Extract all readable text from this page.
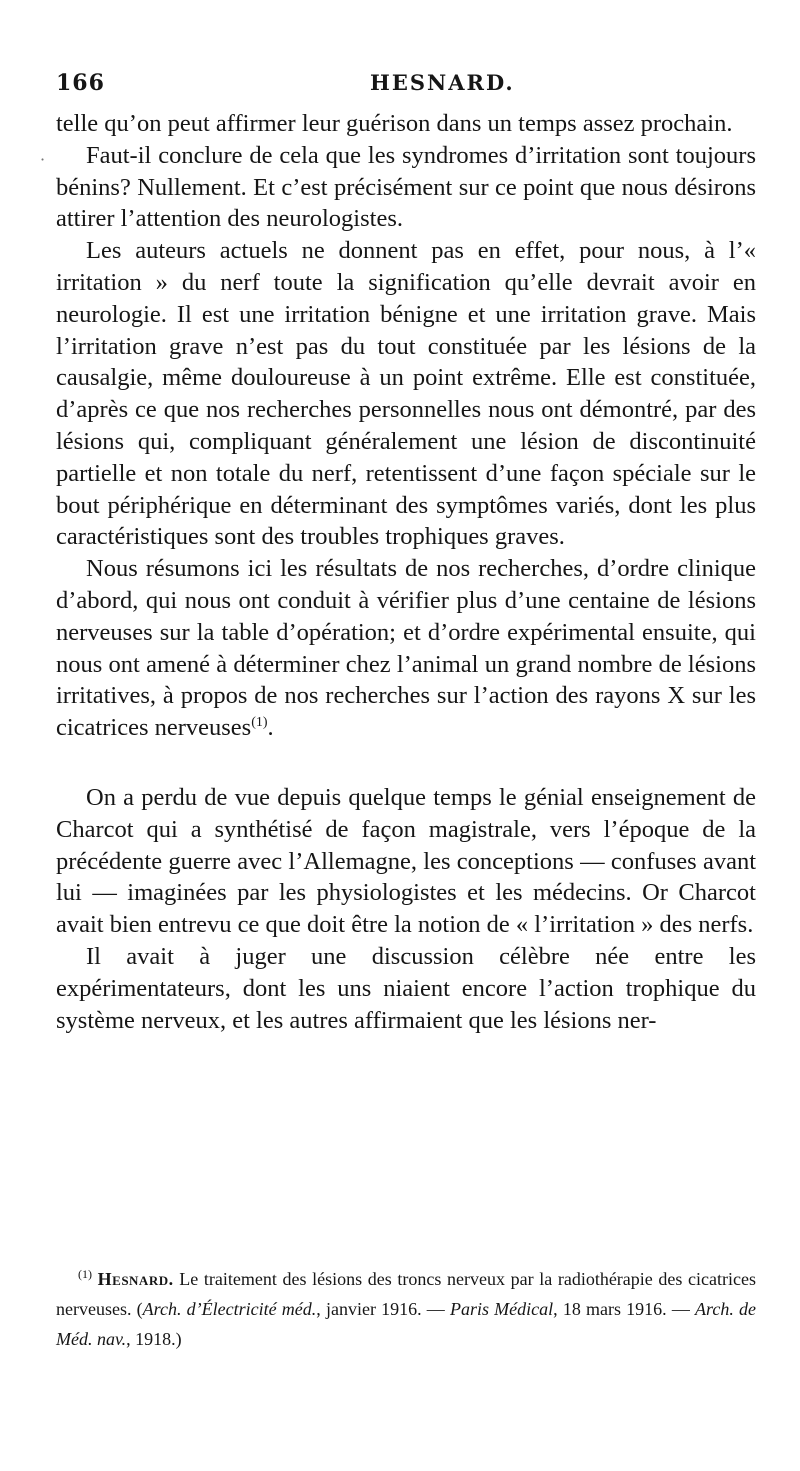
166	HESNARD.
·

telle qu’on peut affirmer leur guérison dans un temps assez prochain.

Faut-il conclure de cela que les syndromes d’irritation sont toujours bénins? Nullement. Et c’est précisément sur ce point que nous désirons attirer l’attention des neurologistes.

Les auteurs actuels ne donnent pas en effet, pour nous, à l’« irritation » du nerf toute la signification qu’elle devrait avoir en neurologie. Il est une irritation bénigne et une irritation grave. Mais l’irritation grave n’est pas du tout constituée par les lésions de la causalgie, même douloureuse à un point extrême. Elle est constituée, d’après ce que nos recherches personnelles nous ont démontré, par des lésions qui, compliquant généralement une lésion de discontinuité partielle et non totale du nerf, retentissent d’une façon spéciale sur le bout périphérique en déterminant des symptômes variés, dont les plus caractéristiques sont des troubles trophiques graves.

Nous résumons ici les résultats de nos recherches, d’ordre clinique d’abord, qui nous ont conduit à vérifier plus d’une centaine de lésions nerveuses sur la table d’opération; et d’ordre expérimental ensuite, qui nous ont amené à déterminer chez l’animal un grand nombre de lésions irritatives, à propos de nos recherches sur l’action des rayons X sur les cicatrices nerveuses$^{(1)}$.

On a perdu de vue depuis quelque temps le génial enseignement de Charcot qui a synthétisé de façon magistrale, vers l’époque de la précédente guerre avec l’Allemagne, les conceptions — confuses avant lui — imaginées par les physiologistes et les médecins. Or Charcot avait bien entrevu ce que doit être la notion de « l’irritation » des nerfs.

Il avait à juger une discussion célèbre née entre les expérimentateurs, dont les uns niaient encore l’action trophique du système nerveux, et les autres affirmaient que les lésions ner-

$^{(1)}$ Hesnard. Le traitement des lésions des troncs nerveux par la radiothérapie des cicatrices nerveuses. (Arch. d’Électricité méd., janvier 1916. — Paris Médical, 18 mars 1916. — Arch. de Méd. nav., 1918.)
